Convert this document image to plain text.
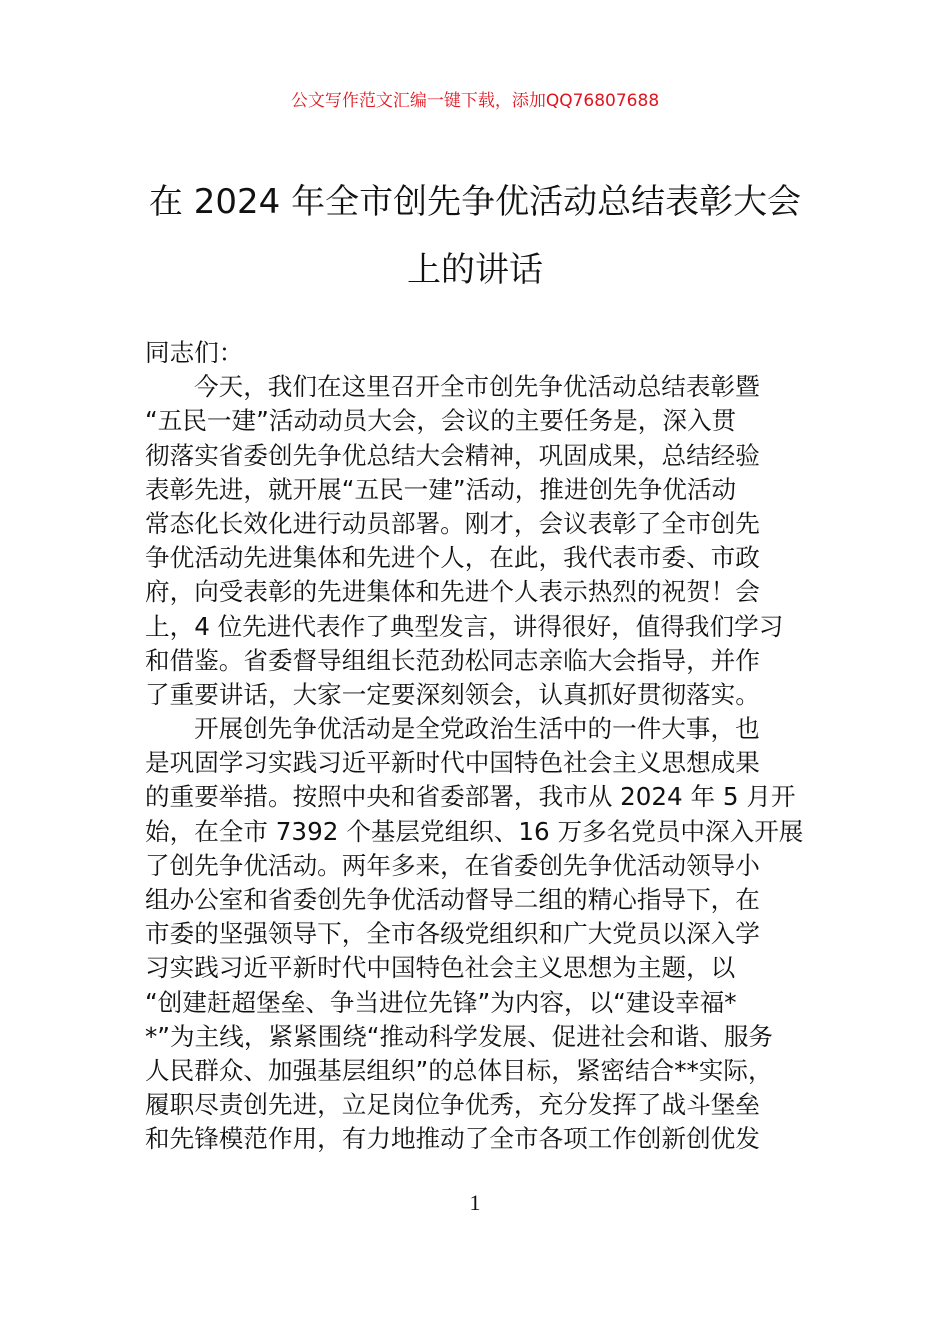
公文写作范文汇编一键下载，添加QQ76807688
在 2024 年全市创先争优活动总结表彰大会
上的讲话
同志们：
今天，我们在这里召开全市创先争优活动总结表彰暨
“五民一建”活动动员大会，会议的主要任务是，深入贯
彻落实省委创先争优总结大会精神，巩固成果，总结经验
表彰先进，就开展“五民一建”活动，推进创先争优活动
常态化长效化进行动员部署。刚才，会议表彰了全市创先
争优活动先进集体和先进个人，在此，我代表市委、市政
府，向受表彰的先进集体和先进个人表示热烈的祝贺！会
上，4 位先进代表作了典型发言，讲得很好，值得我们学习
和借鉴。省委督导组组长范劲松同志亲临大会指导，并作
了重要讲话，大家一定要深刻领会，认真抓好贯彻落实。
开展创先争优活动是全党政治生活中的一件大事，也
是巩固学习实践习近平新时代中国特色社会主义思想成果
的重要举措。按照中央和省委部署，我市从 2024 年 5 月开
始，在全市 7392 个基层党组织、16 万多名党员中深入开展
了创先争优活动。两年多来，在省委创先争优活动领导小
组办公室和省委创先争优活动督导二组的精心指导下，在
市委的坚强领导下，全市各级党组织和广大党员以深入学
习实践习近平新时代中国特色社会主义思想为主题，以
“创建赶超堡垒、争当进位先锋”为内容，以“建设幸福*
*”为主线，紧紧围绕“推动科学发展、促进社会和谐、服务
人民群众、加强基层组织”的总体目标，紧密结合**实际，
履职尽责创先进，立足岗位争优秀，充分发挥了战斗堡垒
和先锋模范作用，有力地推动了全市各项工作创新创优发
1
